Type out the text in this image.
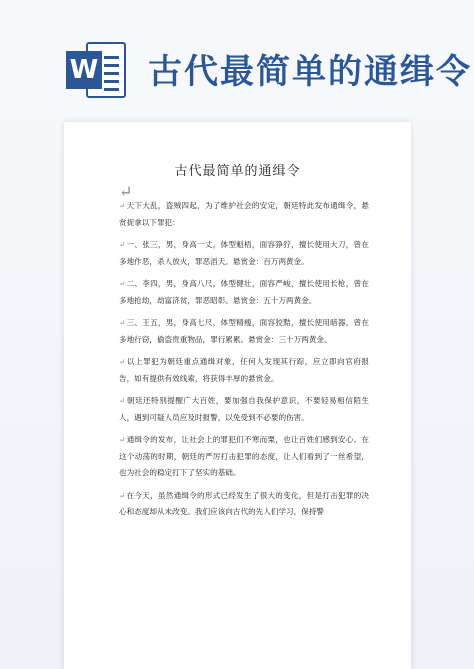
W 古代最简单的通缉令
古代最简单的通缉令
↵

↵天下大乱，盗贼四起，为了维护社会的安定，朝廷特此发布通缉令，悬赏捉拿以下罪犯：

↵一、张三，男，身高一丈，体型魁梧，面容狰狞，擅长使用大刀，曾在多地作恶，杀人放火，罪恶滔天。悬赏金：百万两黄金。

↵二、李四，男，身高八尺，体型健壮，面容严峻，擅长使用长枪，曾在多地抢劫，劫富济贫，罪恶昭彰。悬赏金：五十万两黄金。

↵三、王五，男，身高七尺，体型精瘦，面容狡黠，擅长使用暗器，曾在多地行窃，偷盗贵重物品，罪行累累。悬赏金：三十万两黄金。

↵以上罪犯为朝廷重点通缉对象，任何人发现其行踪，应立即向官府报告，如有提供有效线索，将获得丰厚的悬赏金。

↵朝廷还特别提醒广大百姓，要加强自我保护意识，不要轻易相信陌生人，遇到可疑人员应及时报警，以免受到不必要的伤害。

↵通缉令的发布，让社会上的罪犯们不寒而栗，也让百姓们感到安心。在这个动荡的时期，朝廷的严厉打击犯罪的态度，让人们看到了一丝希望，也为社会的稳定打下了坚实的基础。

↵在今天，虽然通缉令的形式已经发生了很大的变化，但是打击犯罪的决心和态度却从未改变。我们应该向古代的先人们学习，保持警
